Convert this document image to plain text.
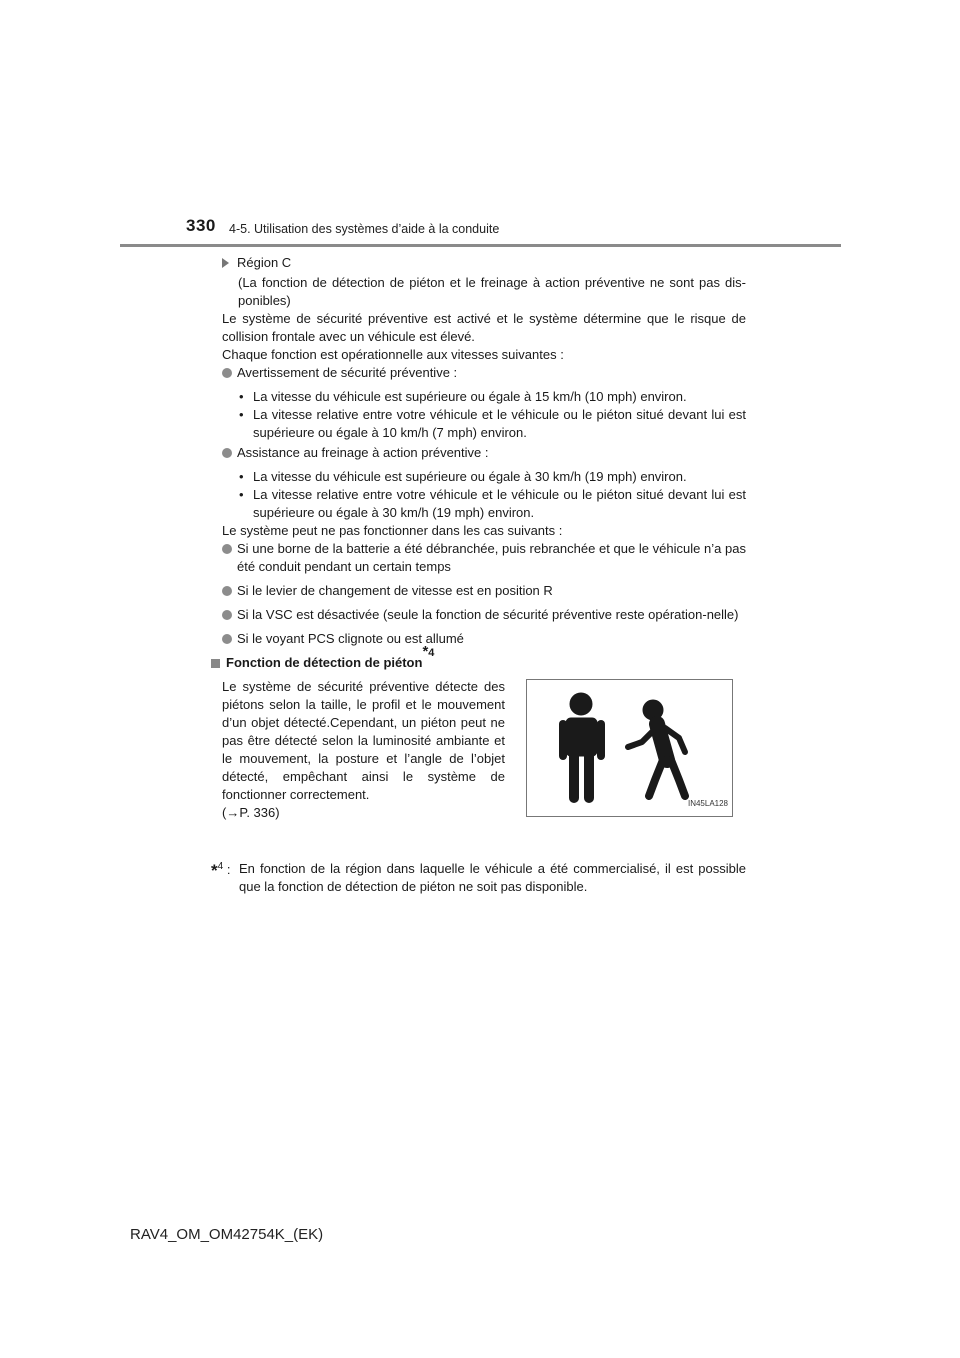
330 4-5. Utilisation des systèmes d’aide à la conduite
Région C

(La fonction de détection de piéton et le freinage à action préventive ne sont pas dis-ponibles)

Le système de sécurité préventive est activé et le système détermine que le risque de collision frontale avec un véhicule est élevé.

Chaque fonction est opérationnelle aux vitesses suivantes :

Avertissement de sécurité préventive :
• La vitesse du véhicule est supérieure ou égale à 15 km/h (10 mph) environ.
• La vitesse relative entre votre véhicule et le véhicule ou le piéton situé devant lui est supérieure ou égale à 10 km/h (7 mph) environ.
Assistance au freinage à action préventive :
• La vitesse du véhicule est supérieure ou égale à 30 km/h (19 mph) environ.
• La vitesse relative entre votre véhicule et le véhicule ou le piéton situé devant lui est supérieure ou égale à 30 km/h (19 mph) environ.

Le système peut ne pas fonctionner dans les cas suivants :

Si une borne de la batterie a été débranchée, puis rebranchée et que le véhicule n’a pas été conduit pendant un certain temps
Si le levier de changement de vitesse est en position R
Si la VSC est désactivée (seule la fonction de sécurité préventive reste opération-nelle)
Si le voyant PCS clignote ou est allumé
Fonction de détection de piéton
$^{*4}$

Le système de sécurité préventive détecte des piétons selon la taille, le profil et le mouvement d’un objet détecté.Cependant, un piéton peut ne pas être détecté selon la luminosité ambiante et le mouvement, la posture et l’angle de l’objet détecté, empêchant ainsi le système de fonctionner correctement.

(→P. 336)

IN45LA128
*$^4$ : En fonction de la région dans laquelle le véhicule a été commercialisé, il est possible que la fonction de détection de piéton ne soit pas disponible.
RAV4_OM_OM42754K_(EK)
